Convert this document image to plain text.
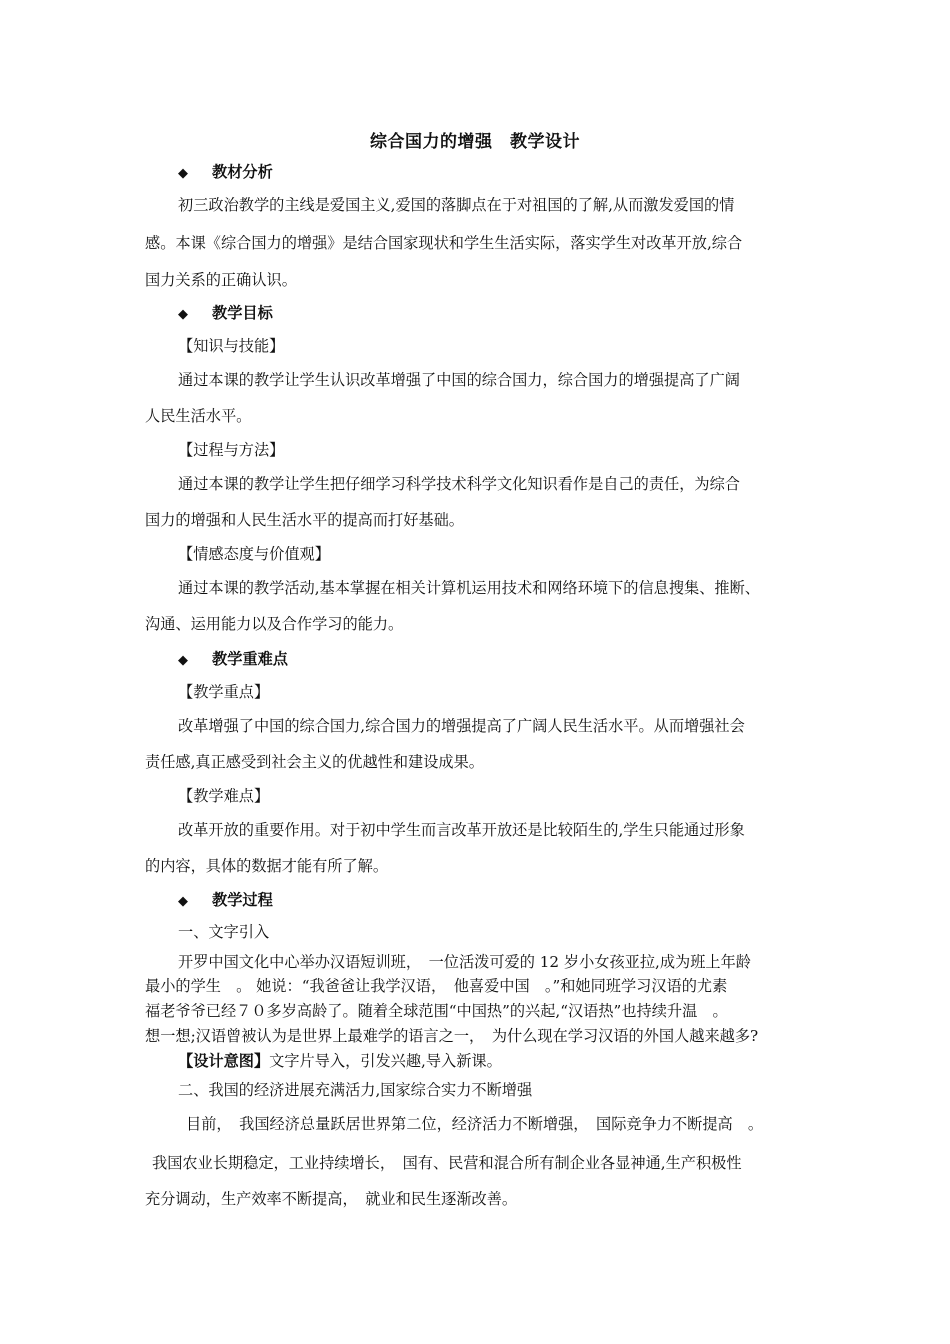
综合国力的增强　教学设计
◆ 教材分析
初三政治教学的主线是爱国主义,爱国的落脚点在于对祖国的了解,从而激发爱国的情
感。本课《综合国力的增强》是结合国家现状和学生生活实际，落实学生对改革开放,综合
国力关系的正确认识。
◆ 教学目标
【知识与技能】
通过本课的教学让学生认识改革增强了中国的综合国力，综合国力的增强提高了广阔
人民生活水平。
【过程与方法】
通过本课的教学让学生把仔细学习科学技术科学文化知识看作是自己的责任，为综合
国力的增强和人民生活水平的提高而打好基础。
【情感态度与价值观】
通过本课的教学活动,基本掌握在相关计算机运用技术和网络环境下的信息搜集、推断、
沟通、运用能力以及合作学习的能力。
◆ 教学重难点
【教学重点】
改革增强了中国的综合国力,综合国力的增强提高了广阔人民生活水平。从而增强社会
责任感,真正感受到社会主义的优越性和建设成果。
【教学难点】
改革开放的重要作用。对于初中学生而言改革开放还是比较陌生的,学生只能通过形象
的内容，具体的数据才能有所了解。
◆ 教学过程
一、文字引入
开罗中国文化中心举办汉语短训班，　一位活泼可爱的 12 岁小女孩亚拉,成为班上年龄
最小的学生　。 她说：“我爸爸让我学汉语，　他喜爱中国　。”和她同班学习汉语的尤素
福老爷爷已经７０多岁高龄了。随着全球范围“中国热”的兴起,“汉语热”也持续升温　。
想一想;汉语曾被认为是世界上最难学的语言之一，　为什么现在学习汉语的外国人越来越多?
【设计意图】文字片导入，引发兴趣,导入新课。
二、我国的经济进展充满活力,国家综合实力不断增强
目前，　我国经济总量跃居世界第二位，经济活力不断增强，　国际竞争力不断提高　。
我国农业长期稳定，工业持续增长，　国有、民营和混合所有制企业各显神通,生产积极性
充分调动，生产效率不断提高，　就业和民生逐渐改善。
